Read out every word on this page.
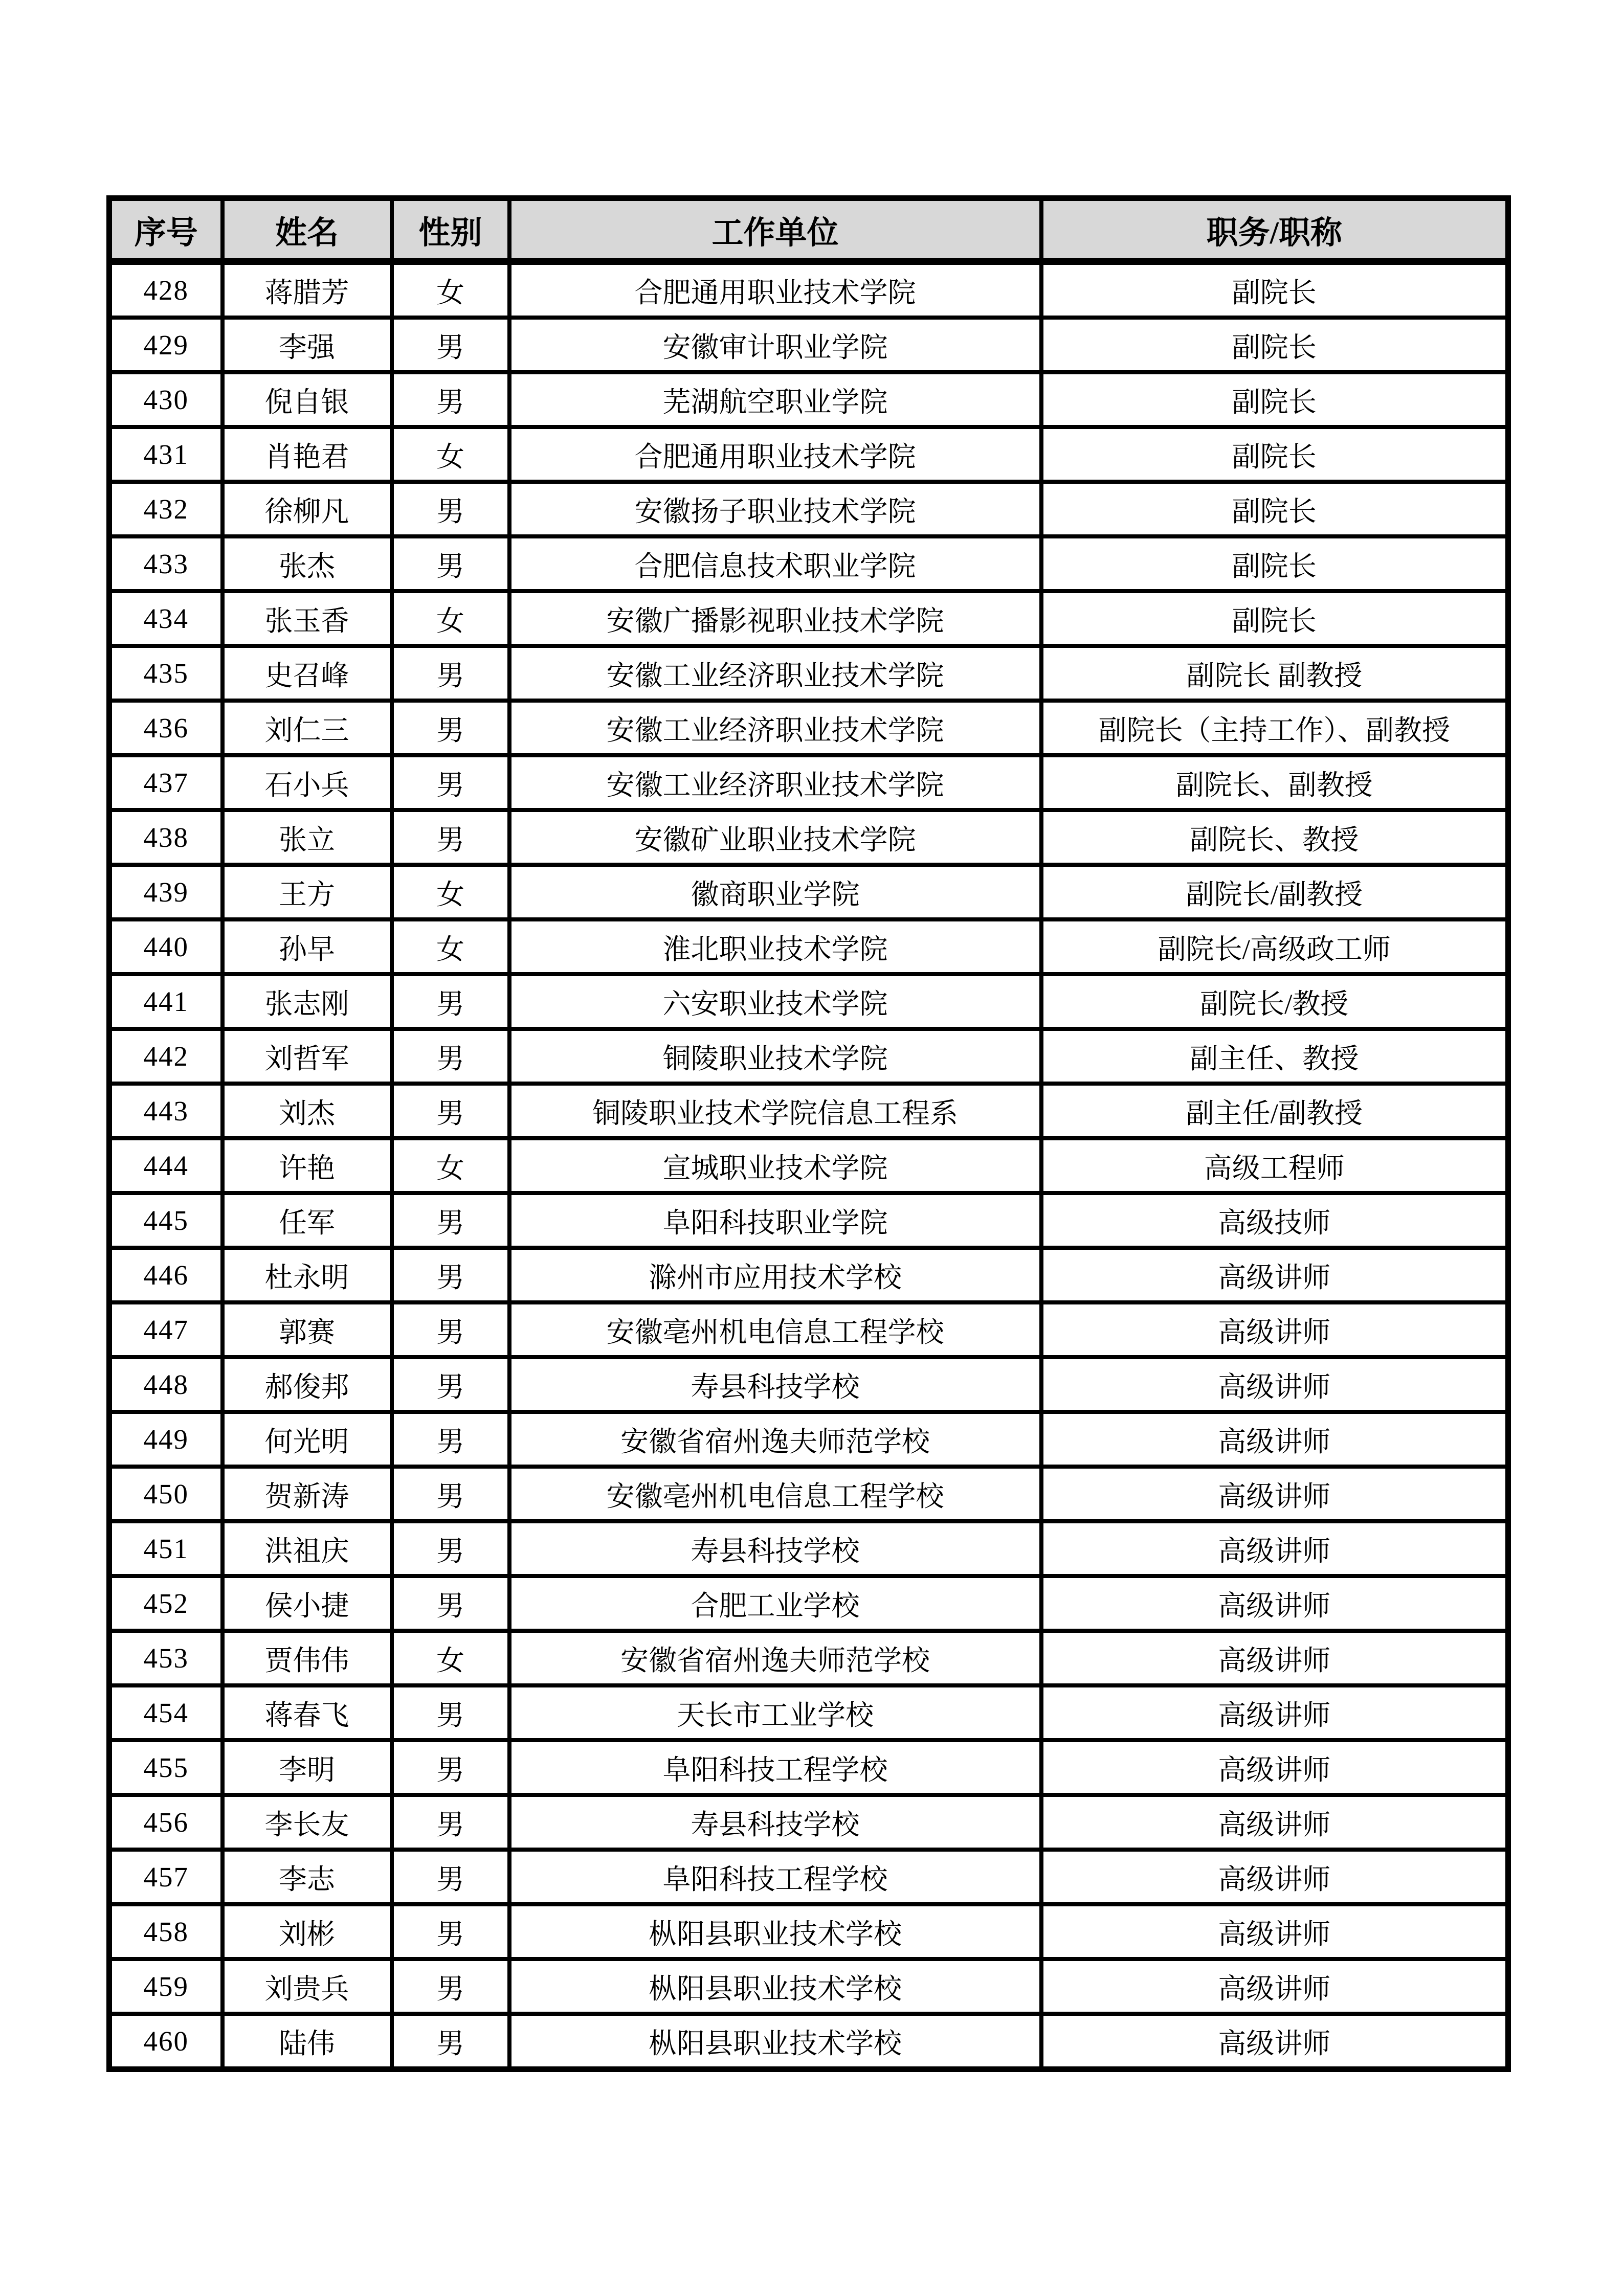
序号	姓名	性别	工作单位	职务/职称
428	蒋腊芳	女	合肥通用职业技术学院	副院长
429	李强	男	安徽审计职业学院	副院长
430	倪自银	男	芜湖航空职业学院	副院长
431	肖艳君	女	合肥通用职业技术学院	副院长
432	徐柳凡	男	安徽扬子职业技术学院	副院长
433	张杰	男	合肥信息技术职业学院	副院长
434	张玉香	女	安徽广播影视职业技术学院	副院长
435	史召峰	男	安徽工业经济职业技术学院	副院长 副教授
436	刘仁三	男	安徽工业经济职业技术学院	副院长（主持工作）、副教授
437	石小兵	男	安徽工业经济职业技术学院	副院长、副教授
438	张立	男	安徽矿业职业技术学院	副院长、教授
439	王方	女	徽商职业学院	副院长/副教授
440	孙早	女	淮北职业技术学院	副院长/高级政工师
441	张志刚	男	六安职业技术学院	副院长/教授
442	刘哲军	男	铜陵职业技术学院	副主任、教授
443	刘杰	男	铜陵职业技术学院信息工程系	副主任/副教授
444	许艳	女	宣城职业技术学院	高级工程师
445	任军	男	阜阳科技职业学院	高级技师
446	杜永明	男	滁州市应用技术学校	高级讲师
447	郭赛	男	安徽亳州机电信息工程学校	高级讲师
448	郝俊邦	男	寿县科技学校	高级讲师
449	何光明	男	安徽省宿州逸夫师范学校	高级讲师
450	贺新涛	男	安徽亳州机电信息工程学校	高级讲师
451	洪祖庆	男	寿县科技学校	高级讲师
452	侯小捷	男	合肥工业学校	高级讲师
453	贾伟伟	女	安徽省宿州逸夫师范学校	高级讲师
454	蒋春飞	男	天长市工业学校	高级讲师
455	李明	男	阜阳科技工程学校	高级讲师
456	李长友	男	寿县科技学校	高级讲师
457	李志	男	阜阳科技工程学校	高级讲师
458	刘彬	男	枞阳县职业技术学校	高级讲师
459	刘贵兵	男	枞阳县职业技术学校	高级讲师
460	陆伟	男	枞阳县职业技术学校	高级讲师
